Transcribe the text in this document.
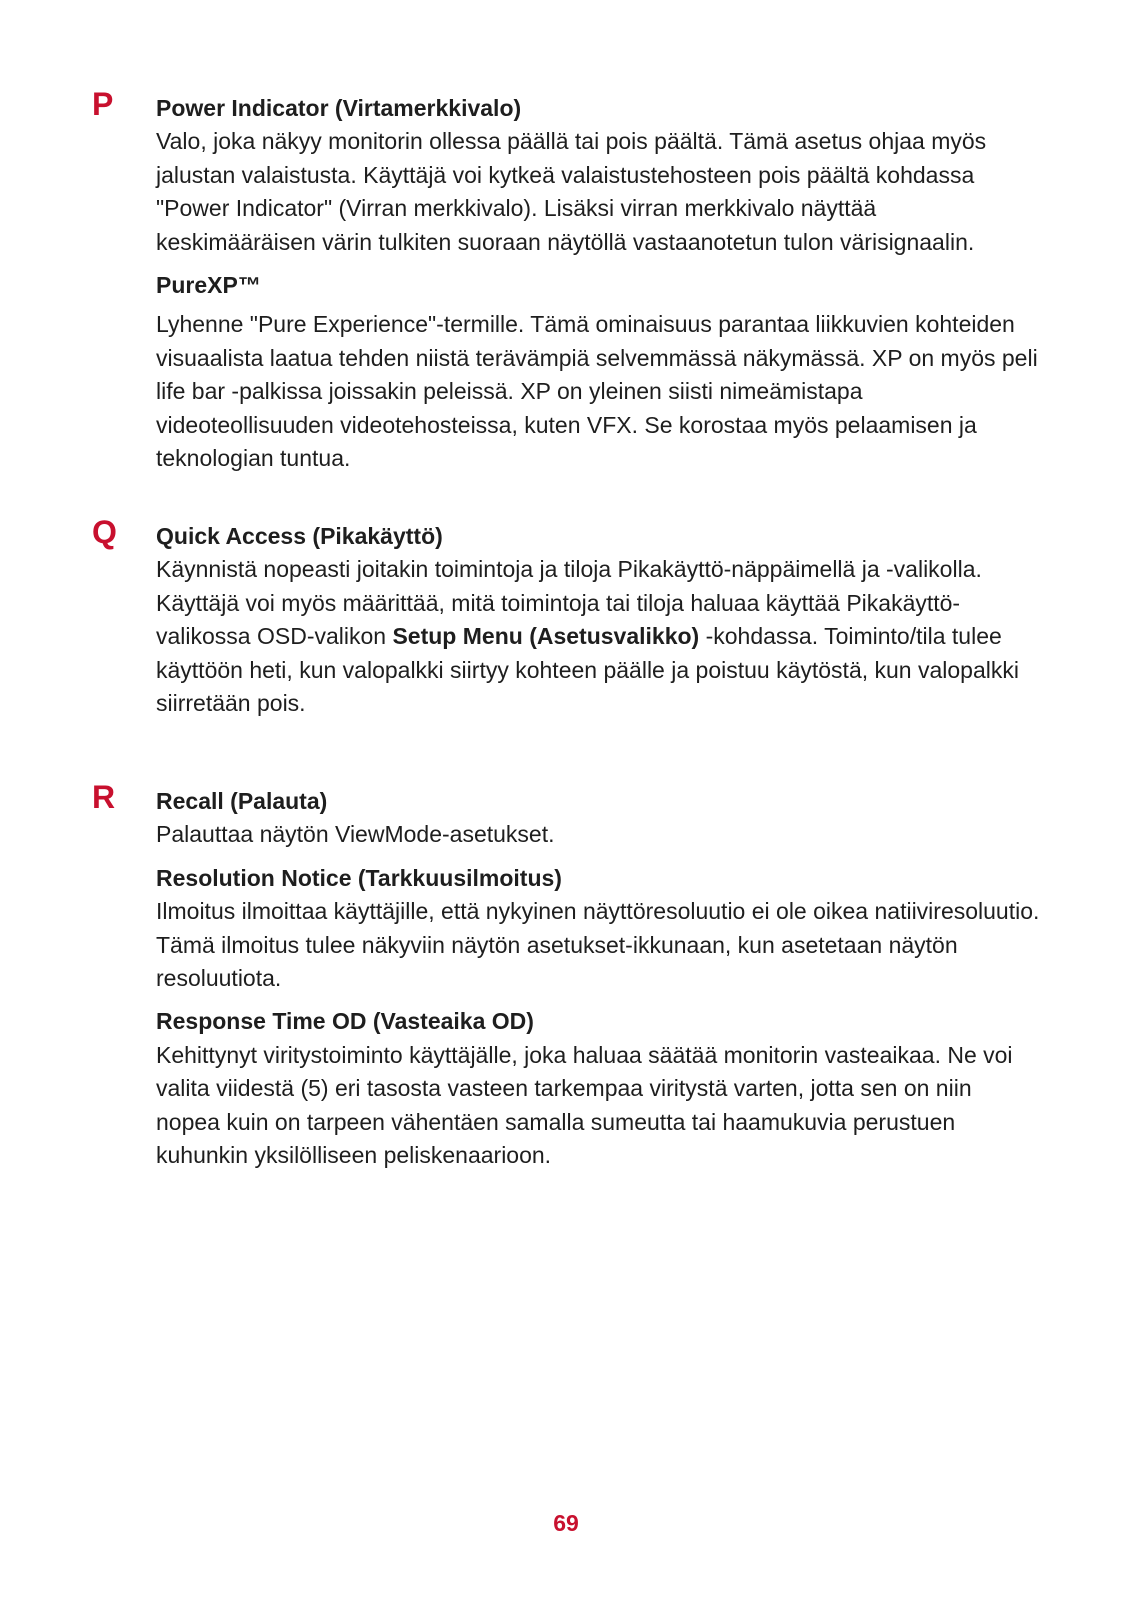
P Power Indicator (Virtamerkkivalo)

Valo, joka näkyy monitorin ollessa päällä tai pois päältä. Tämä asetus ohjaa myös jalustan valaistusta. Käyttäjä voi kytkeä valaistustehosteen pois päältä kohdassa "Power Indicator" (Virran merkkivalo). Lisäksi virran merkkivalo näyttää keskimääräisen värin tulkiten suoraan näytöllä vastaanotetun tulon värisignaalin.

PureXP™

Lyhenne "Pure Experience"-termille. Tämä ominaisuus parantaa liikkuvien kohteiden visuaalista laatua tehden niistä terävämpiä selvemmässä näkymässä. XP on myös peli life bar -palkissa joissakin peleissä. XP on yleinen siisti nimeämistapa videoteollisuuden videotehosteissa, kuten VFX. Se korostaa myös pelaamisen ja teknologian tuntua.

Q Quick Access (Pikakäyttö)

Käynnistä nopeasti joitakin toimintoja ja tiloja Pikakäyttö-näppäimellä ja -valikolla. Käyttäjä voi myös määrittää, mitä toimintoja tai tiloja haluaa käyttää Pikakäyttö-valikossa OSD-valikon Setup Menu (Asetusvalikko) -kohdassa. Toiminto/tila tulee käyttöön heti, kun valopalkki siirtyy kohteen päälle ja poistuu käytöstä, kun valopalkki siirretään pois.

R Recall (Palauta)

Palauttaa näytön ViewMode-asetukset.

Resolution Notice (Tarkkuusilmoitus)

Ilmoitus ilmoittaa käyttäjille, että nykyinen näyttöresoluutio ei ole oikea natiiviresoluutio. Tämä ilmoitus tulee näkyviin näytön asetukset-ikkunaan, kun asetetaan näytön resoluutiota.

Response Time OD (Vasteaika OD)

Kehittynyt viritystoiminto käyttäjälle, joka haluaa säätää monitorin vasteaikaa. Ne voi valita viidestä (5) eri tasosta vasteen tarkempaa viritystä varten, jotta sen on niin nopea kuin on tarpeen vähentäen samalla sumeutta tai haamukuvia perustuen kuhunkin yksilölliseen peliskenaarioon.

69
